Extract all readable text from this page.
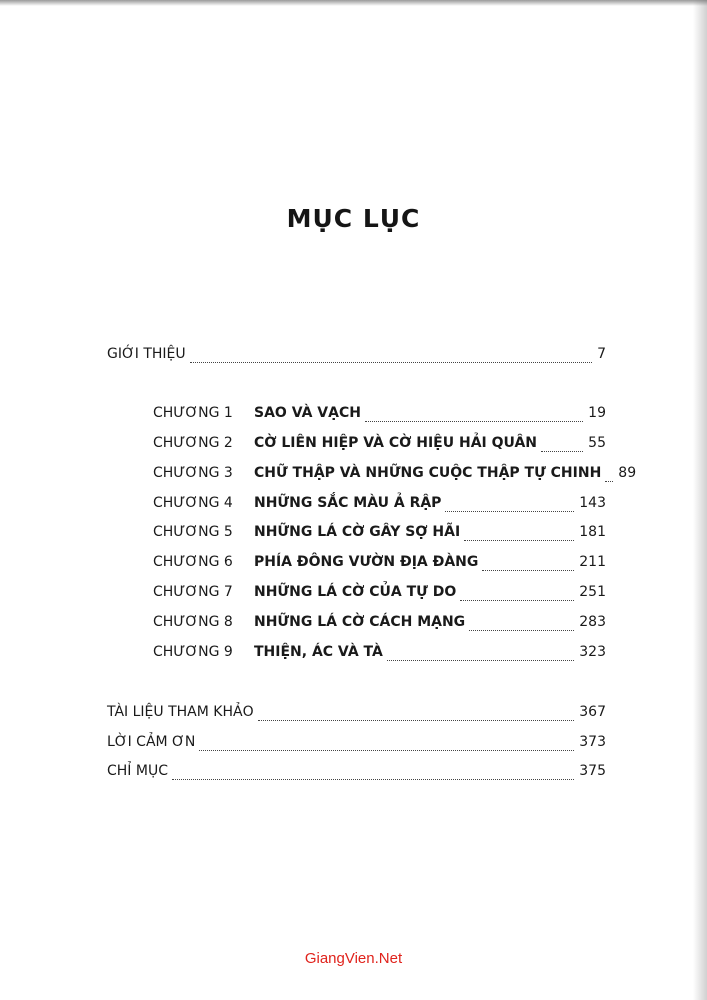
MỤC LỤC
GIỚI THIỆU	7
CHƯƠNG 1	SAO VÀ VẠCH	19
CHƯƠNG 2	CỜ LIÊN HIỆP VÀ CỜ HIỆU HẢI QUÂN	55
CHƯƠNG 3	CHỮ THẬP VÀ NHỮNG CUỘC THẬP TỰ CHINH 89
CHƯƠNG 4	NHỮNG SẮC MÀU Ả RẬP	143
CHƯƠNG 5	NHỮNG LÁ CỜ GÂY SỢ HÃI	181
CHƯƠNG 6	PHÍA ĐÔNG VƯỜN ĐỊA ĐÀNG	211
CHƯƠNG 7	NHỮNG LÁ CỜ CỦA TỰ DO	251
CHƯƠNG 8	NHỮNG LÁ CỜ CÁCH MẠNG	283
CHƯƠNG 9	THIỆN, ÁC VÀ TÀ	323
TÀI LIỆU THAM KHẢO	367
LỜI CẢM ƠN	373
CHỈ MỤC	375
GiangVien.Net
